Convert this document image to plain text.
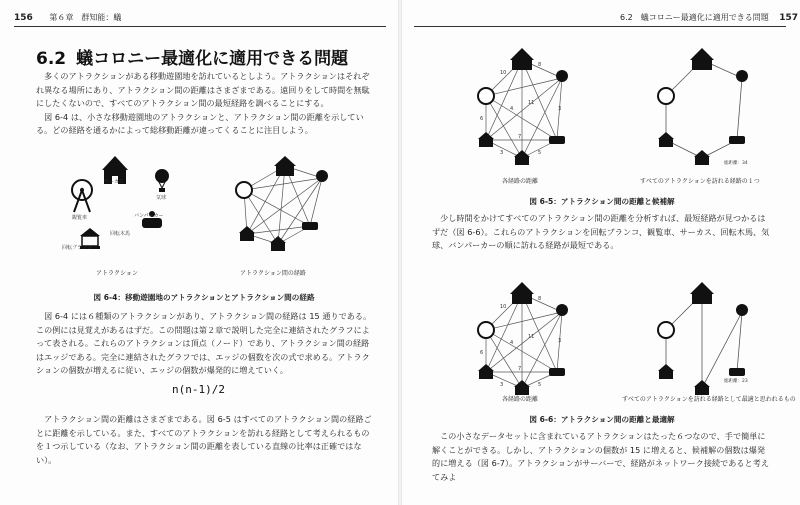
156 第６章　群知能：蟻
6.2 蟻コロニー最適化に適用できる問題

多くのアトラクションがある移動遊園地を訪れているとしよう。アトラクションはそれぞれ異なる場所にあり、アトラクション間の距離はさまざまである。遠回りをして時間を無駄にしたくないので、すべてのアトラクション間の最短経路を調べることにする。

図 6-4 は、小さな移動遊園地のアトラクションと、アトラクション間の距離を示している。どの経路を通るかによって総移動距離が違ってくることに注目しよう。

サーカス
気球
観覧車	バンパーカー
回転木馬
回転ブランコ
アトラクション	アトラクション間の経路
図 6-4：移動遊園地のアトラクションとアトラクション間の経路

図 6-4 には６種類のアトラクションがあり、アトラクション間の経路は 15 通りである。この例には見覚えがあるはずだ。この問題は第２章で説明した完全に連結されたグラフによって表される。これらのアトラクションは頂点（ノード）であり、アトラクション間の経路はエッジである。完全に連結されたグラフでは、エッジの個数を次の式で求める。アトラクションの個数が増えるに従い、エッジの個数が爆発的に増えていく。

n(n-1)/2

アトラクション間の距離はさまざまである。図 6-5 はすべてのアトラクション間の経路ごとに距離を示している。また、すべてのアトラクションを訪れる経路として考えられるものを１つ示している（なお、アトラクション間の距離を表している直線の比率は正確ではない）。

6.2　蟻コロニー最適化に適用できる問題 157
8
10
11
4	3
6
5
3
7
各経路の距離	すべてのアトラクションを訪れる経路の１つ
総距離：34
図 6-5：アトラクション間の距離と候補解

少し時間をかけてすべてのアトラクション間の距離を分析すれば、最短経路が見つかるはずだ（図 6-6）。これらのアトラクションを回転ブランコ、観覧車、サーカス、回転木馬、気球、バンパーカーの順に訪れる経路が最短である。

8
10
11
4	3
6
5
3
7
各経路の距離	すべてのアトラクションを訪れる経路として最適と思われるもの
総距離：23
図 6-6：アトラクション間の距離と最適解

この小さなデータセットに含まれているアトラクションはたった６つなので、手で簡単に解くことができる。しかし、アトラクションの個数が 15 に増えると、候補解の個数は爆発的に増える（図 6-7）。アトラクションがサーバーで、経路がネットワーク接続であると考えてみよ
